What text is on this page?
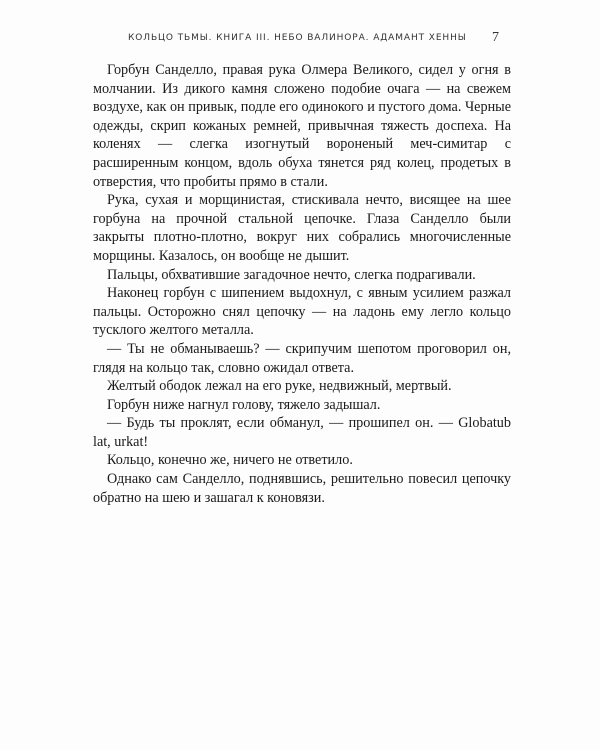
КОЛЬЦО ТЬМЫ. КНИГА III. НЕБО ВАЛИНОРА. АДАМАНТ ХЕННЫ 7

Горбун Санделло, правая рука Олмера Великого, сидел у огня в молчании. Из дикого камня сложено подобие очага — на свежем воздухе, как он привык, подле его одинокого и пустого дома. Черные одежды, скрип кожаных ремней, привычная тяжесть доспеха. На коленях — слегка изогнутый вороненый меч-симитар с расширенным концом, вдоль обуха тянется ряд колец, продетых в отверстия, что пробиты прямо в стали.

Рука, сухая и морщинистая, стискивала нечто, висящее на шее горбуна на прочной стальной цепочке. Глаза Санделло были закрыты плотно-плотно, вокруг них собрались многочисленные морщины. Казалось, он вообще не дышит.

Пальцы, обхватившие загадочное нечто, слегка подрагивали.

Наконец горбун с шипением выдохнул, с явным усилием разжал пальцы. Осторожно снял цепочку — на ладонь ему легло кольцо тусклого желтого металла.

— Ты не обманываешь? — скрипучим шепотом проговорил он, глядя на кольцо так, словно ожидал ответа.

Желтый ободок лежал на его руке, недвижный, мертвый.

Горбун ниже нагнул голову, тяжело задышал.

— Будь ты проклят, если обманул, — прошипел он. — Globatub lat, urkat!

Кольцо, конечно же, ничего не ответило.

Однако сам Санделло, поднявшись, решительно повесил цепочку обратно на шею и зашагал к коновязи.
